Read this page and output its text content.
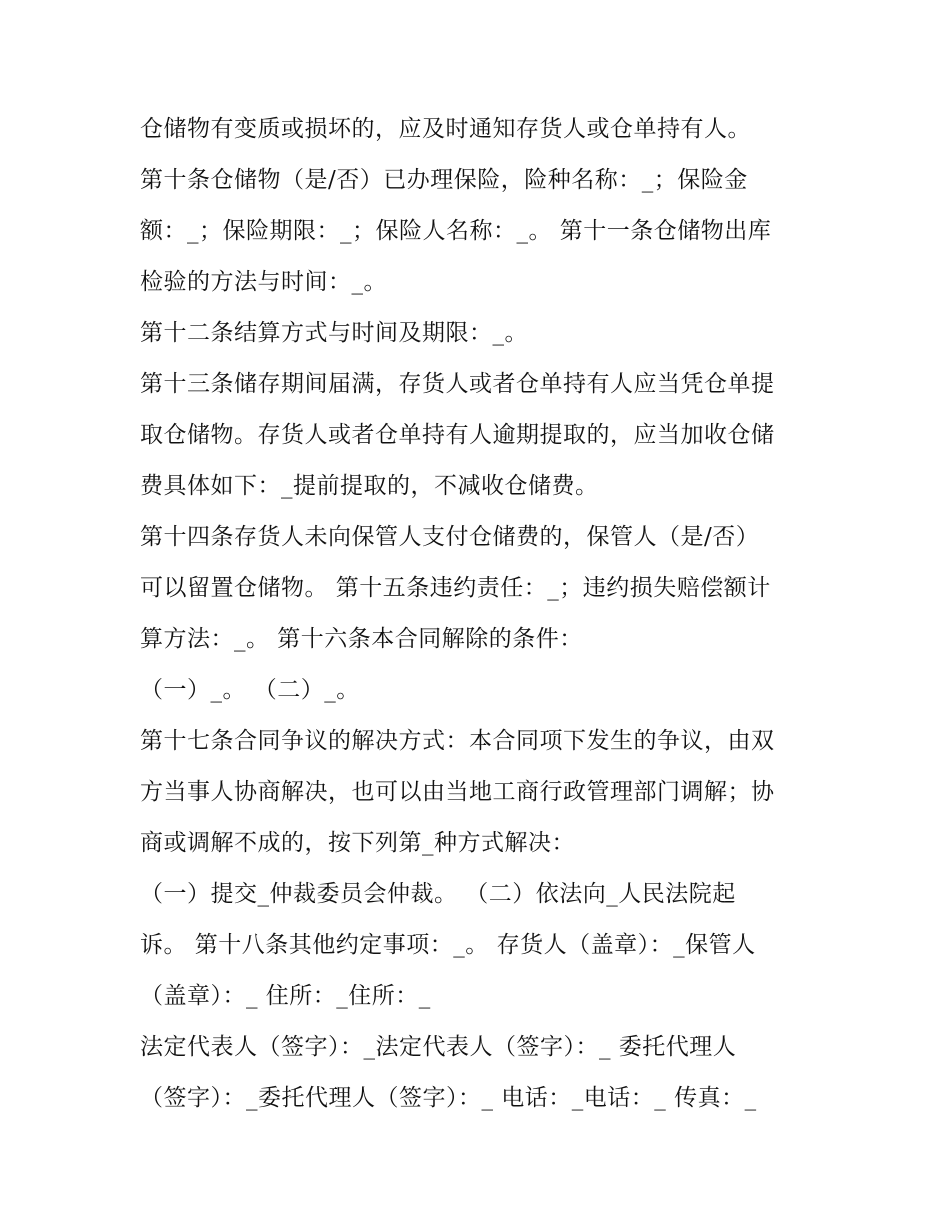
仓储物有变质或损坏的，应及时通知存货人或仓单持有人。
第十条仓储物（是/否）已办理保险，险种名称：_；保险金
额：_；保险期限：_；保险人名称：_。 第十一条仓储物出库
检验的方法与时间：_。
第十二条结算方式与时间及期限：_。
第十三条储存期间届满，存货人或者仓单持有人应当凭仓单提
取仓储物。存货人或者仓单持有人逾期提取的，应当加收仓储
费具体如下：_提前提取的，不减收仓储费。
第十四条存货人未向保管人支付仓储费的，保管人（是/否）
可以留置仓储物。 第十五条违约责任：_；违约损失赔偿额计
算方法：_。 第十六条本合同解除的条件：
（一）_。 （二）_。
第十七条合同争议的解决方式：本合同项下发生的争议，由双
方当事人协商解决，也可以由当地工商行政管理部门调解；协
商或调解不成的，按下列第_种方式解决：
（一）提交_仲裁委员会仲裁。 （二）依法向_人民法院起
诉。 第十八条其他约定事项：_。 存货人（盖章）：_保管人
（盖章）：_ 住所：_住所：_
法定代表人（签字）：_法定代表人（签字）：_ 委托代理人
（签字）：_委托代理人（签字）：_ 电话：_电话：_ 传真：_
